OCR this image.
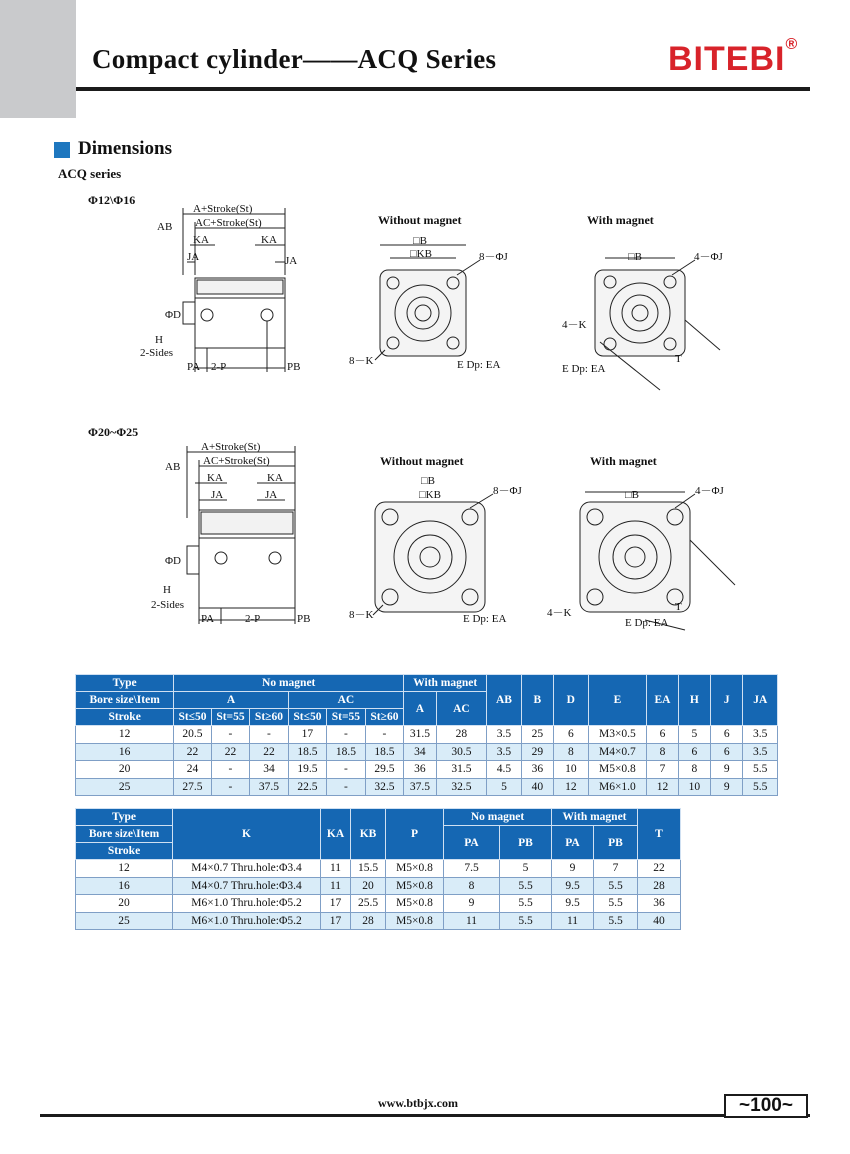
Compact cylinder——ACQ Series	BITEBI®
Dimensions
ACQ series
Φ12\Φ16
Φ20~Φ25
Without magnet	With magnet
Without magnet	With magnet
A+Stroke(St)
AC+Stroke(St)
AB
KA	KA
JA	JA
ΦD
H
2-Sides
PA 2-P	PB
□B
□KB	8－ΦJ
8－K	E Dp: EA
□B	4－ΦJ
4－K
E Dp: EA
T
A+Stroke(St)
AC+Stroke(St)
AB
KA	KA
JA	JA
ΦD
H
2-Sides
PA	2-P	PB
□B
□KB	8－ΦJ
8－K	E Dp: EA
□B	4－ΦJ
4－K
E Dp: EA
T
Type	No magnet						With magnet		AB	B	D	E	EA	H	J	JA
Bore size\Item	A			AC			A	AC								
Stroke	St≤50	St=55	St≥60	St≤50	St=55	St≥60										
12	20.5	-	-	17	-	-	31.5	28	3.5	25	6	M3×0.5	6	5	6	3.5
16	22	22	22	18.5	18.5	18.5	34	30.5	3.5	29	8	M4×0.7	8	6	6	3.5
20	24	-	34	19.5	-	29.5	36	31.5	4.5	36	10	M5×0.8	7	8	9	5.5
25	27.5	-	37.5	22.5	-	32.5	37.5	32.5	5	40	12	M6×1.0	12	10	9	5.5
Type	K	KA	KB	P	No magnet		With magnet		T
Bore size\Item					PA	PB	PA	PB	
Stroke									
12	M4×0.7 Thru.hole:Φ3.4	11	15.5	M5×0.8	7.5	5	9	7	22
16	M4×0.7 Thru.hole:Φ3.4	11	20	M5×0.8	8	5.5	9.5	5.5	28
20	M6×1.0 Thru.hole:Φ5.2	17	25.5	M5×0.8	9	5.5	9.5	5.5	36
25	M6×1.0 Thru.hole:Φ5.2	17	28	M5×0.8	11	5.5	11	5.5	40
www.btbjx.com	~100~
